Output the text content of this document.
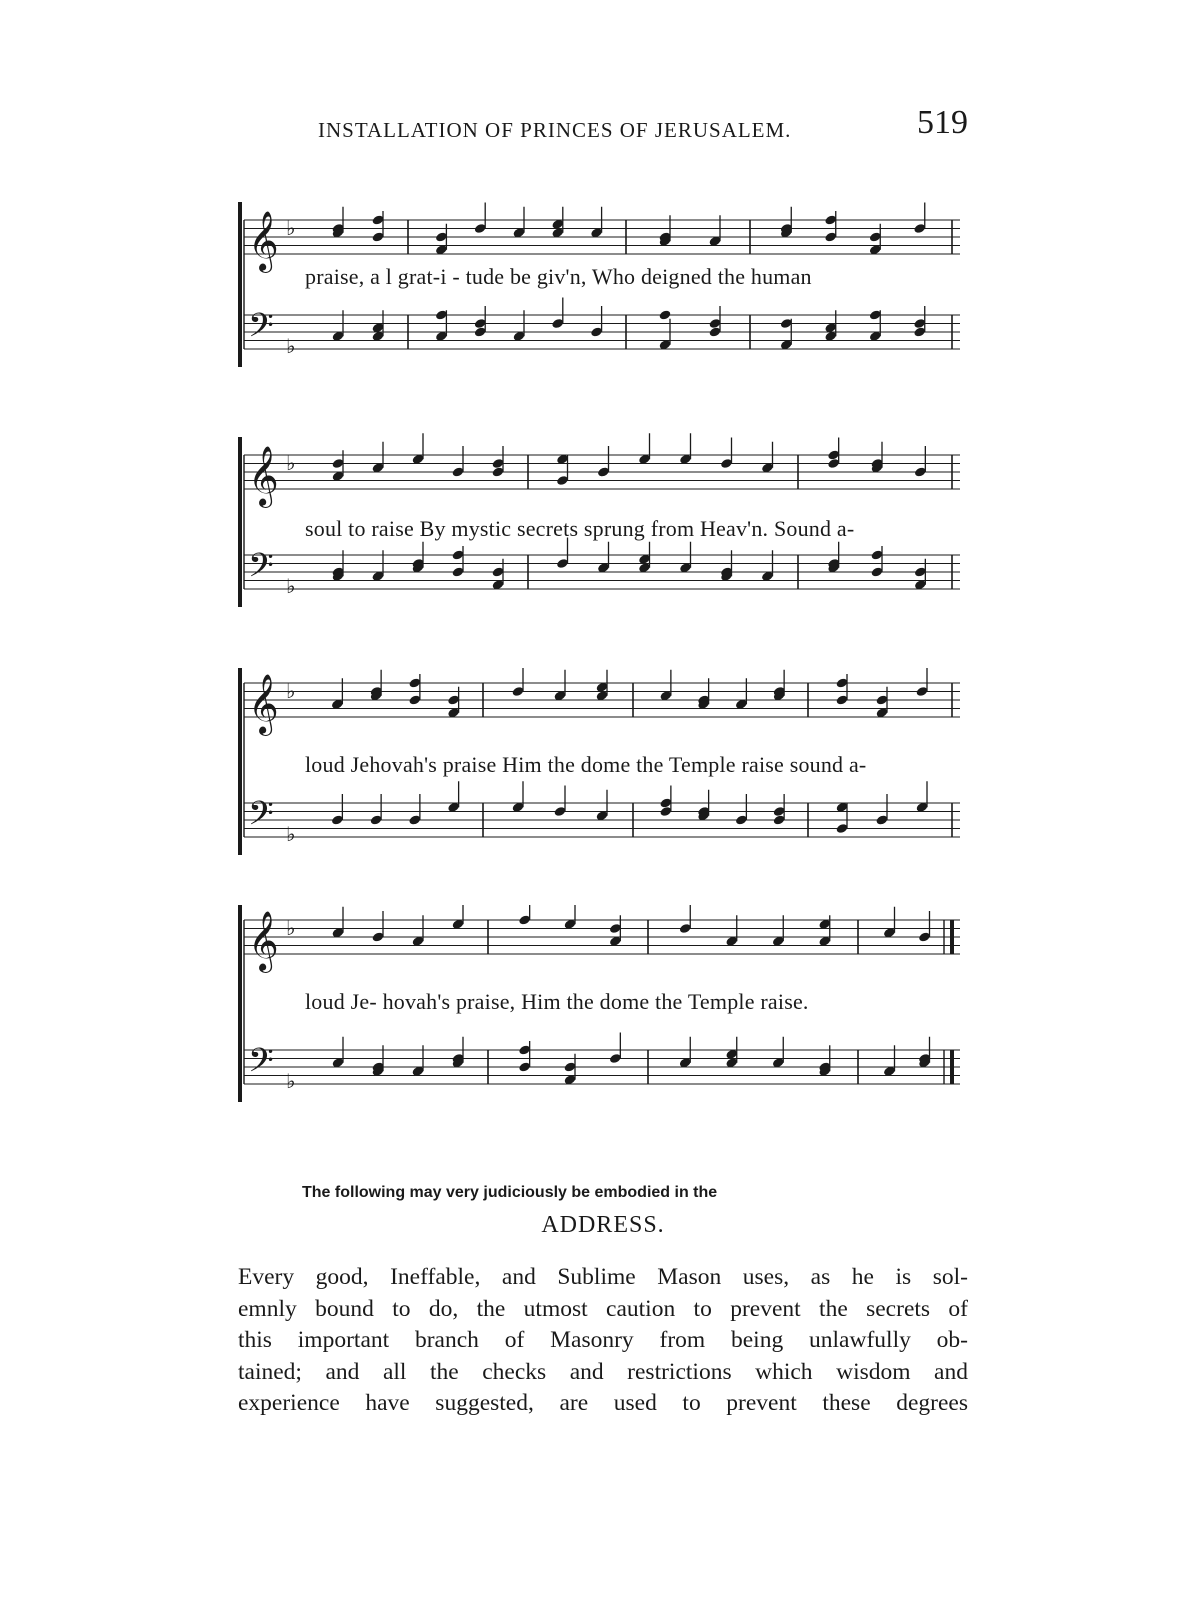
INSTALLATION OF PRINCES OF JERUSALEM.	519
𝄞 ♭
𝄢 ♭
praise, a l grat-i - tude be giv'n, Who deigned the human
𝄞 ♭
𝄢 ♭
soul to raise By mystic secrets sprung from Heav'n. Sound a-
𝄞 ♭
𝄢 ♭
loud Jehovah's praise Him the dome the Temple raise sound a-
𝄞 ♭
𝄢 ♭
loud Je- hovah's praise, Him the dome the Temple raise.
The following may very judiciously be embodied in the
ADDRESS.
Every good, Ineffable, and Sublime Mason uses, as he is sol-
emnly bound to do, the utmost caution to prevent the secrets of
this important branch of Masonry from being unlawfully ob-
tained; and all the checks and restrictions which wisdom and
experience have suggested, are used to prevent these degrees
